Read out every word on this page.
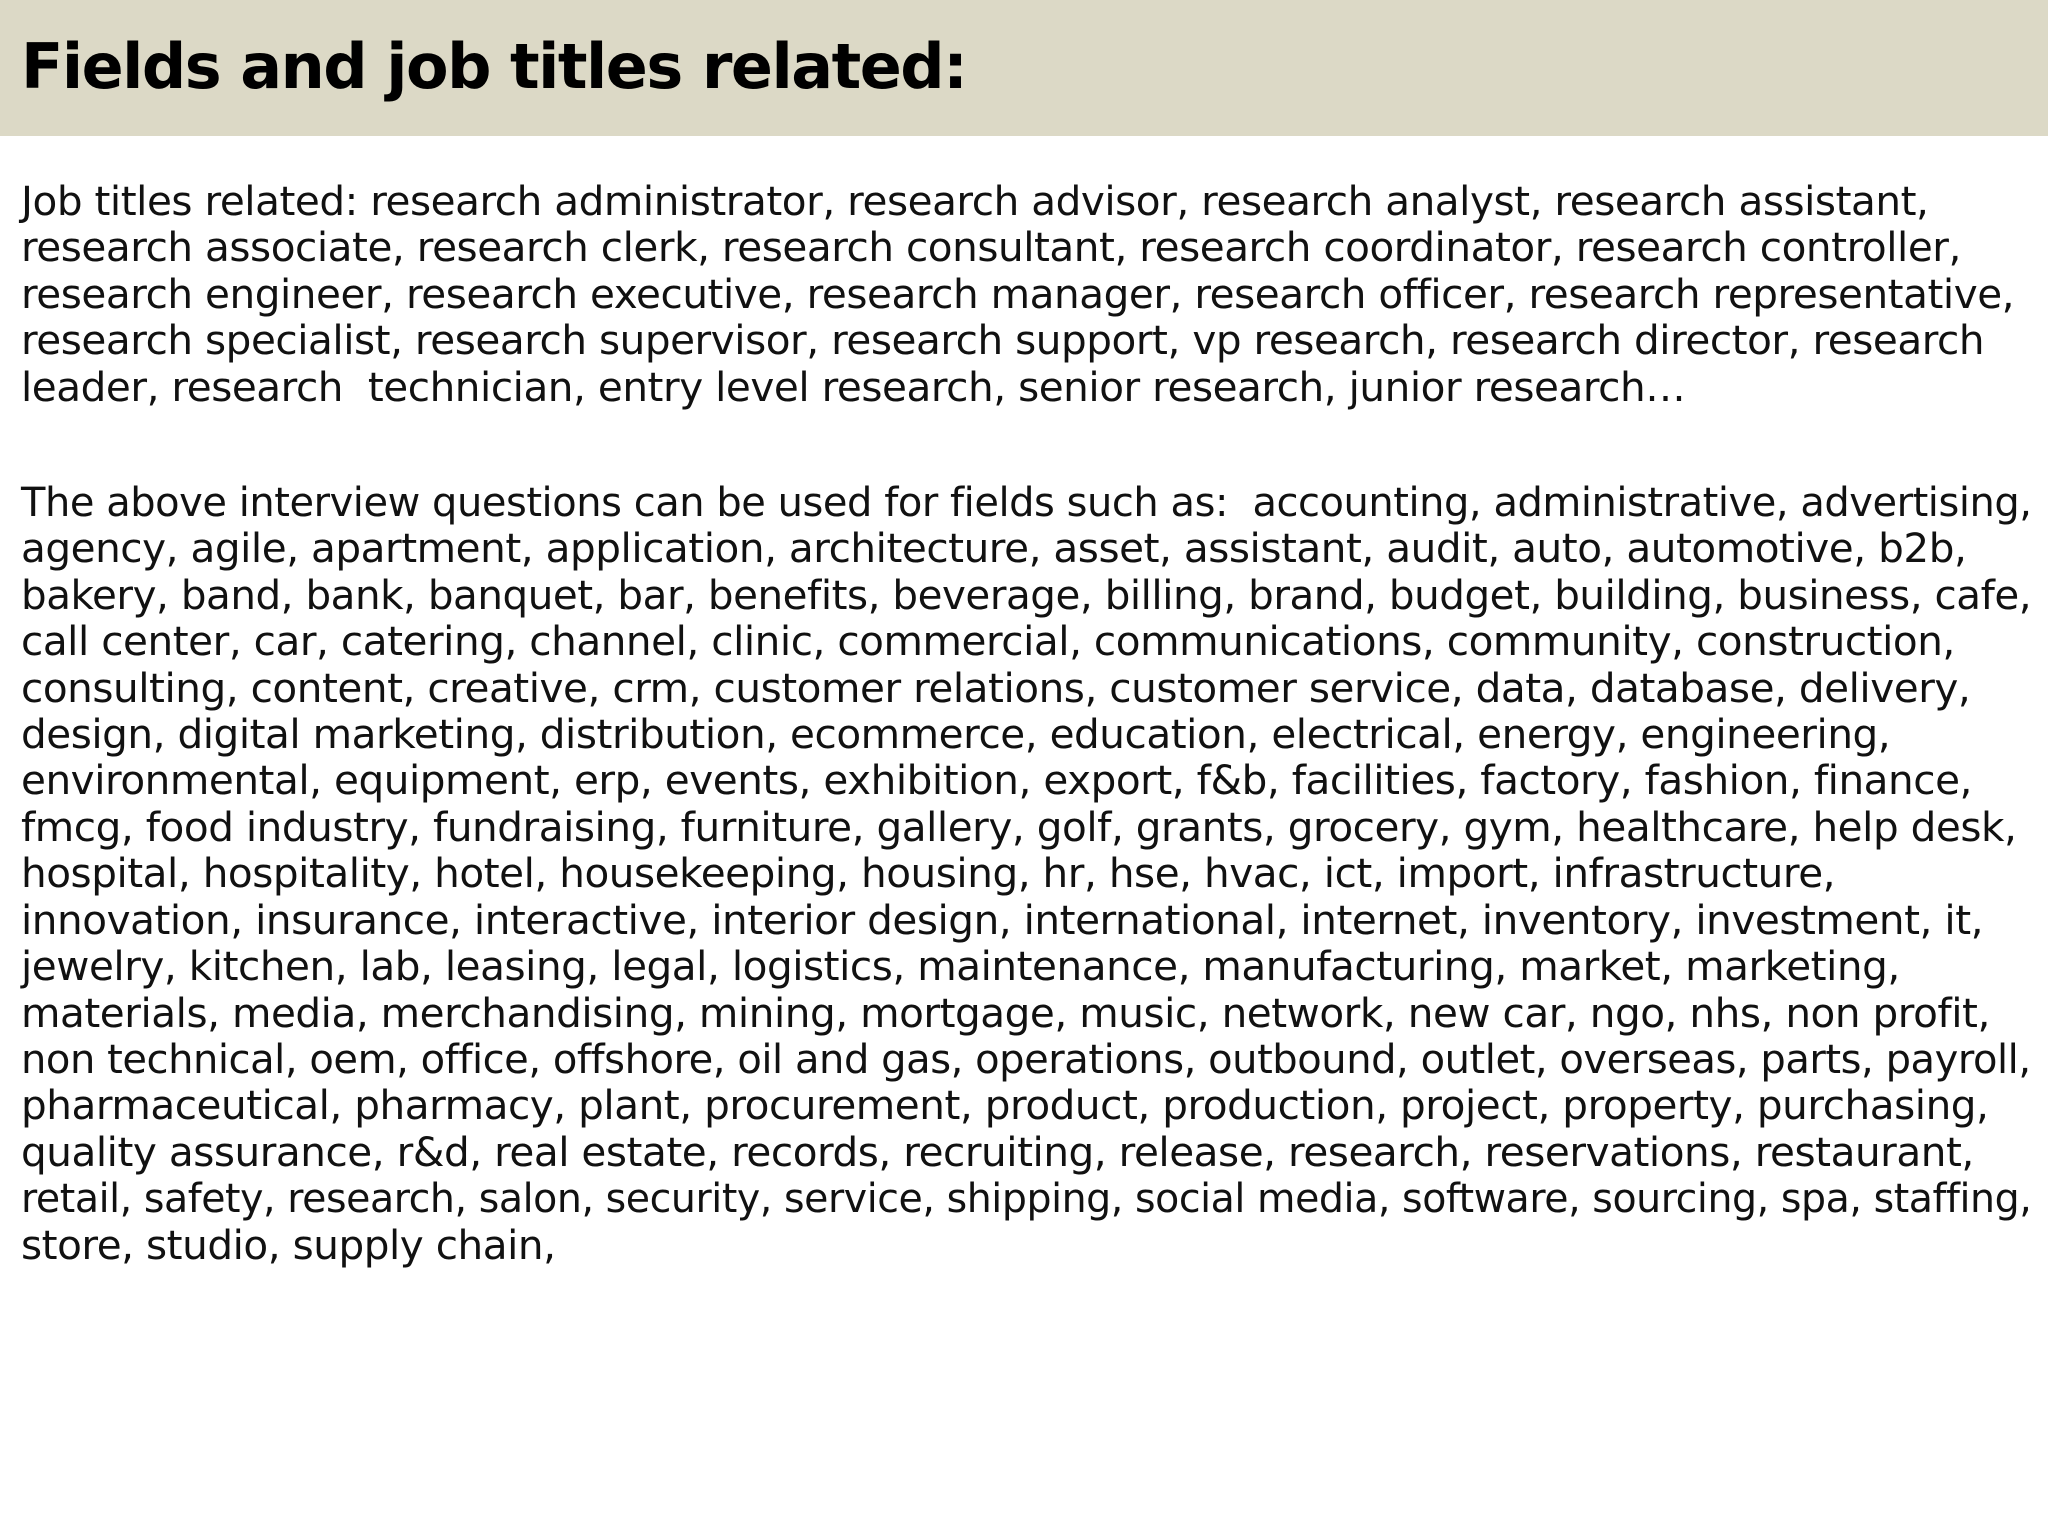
Fields and job titles related:

Job titles related: research administrator, research advisor, research analyst, research assistant,
research associate, research clerk, research consultant, research coordinator, research controller,
research engineer, research executive, research manager, research officer, research representative,
research specialist, research supervisor, research support, vp research, research director, research
leader, research  technician, entry level research, senior research, junior research…

The above interview questions can be used for fields such as:  accounting, administrative, advertising,
agency, agile, apartment, application, architecture, asset, assistant, audit, auto, automotive, b2b,
bakery, band, bank, banquet, bar, benefits, beverage, billing, brand, budget, building, business, cafe,
call center, car, catering, channel, clinic, commercial, communications, community, construction,
consulting, content, creative, crm, customer relations, customer service, data, database, delivery,
design, digital marketing, distribution, ecommerce, education, electrical, energy, engineering,
environmental, equipment, erp, events, exhibition, export, f&b, facilities, factory, fashion, finance,
fmcg, food industry, fundraising, furniture, gallery, golf, grants, grocery, gym, healthcare, help desk,
hospital, hospitality, hotel, housekeeping, housing, hr, hse, hvac, ict, import, infrastructure,
innovation, insurance, interactive, interior design, international, internet, inventory, investment, it,
jewelry, kitchen, lab, leasing, legal, logistics, maintenance, manufacturing, market, marketing,
materials, media, merchandising, mining, mortgage, music, network, new car, ngo, nhs, non profit,
non technical, oem, office, offshore, oil and gas, operations, outbound, outlet, overseas, parts, payroll,
pharmaceutical, pharmacy, plant, procurement, product, production, project, property, purchasing,
quality assurance, r&d, real estate, records, recruiting, release, research, reservations, restaurant,
retail, safety, research, salon, security, service, shipping, social media, software, sourcing, spa, staffing,
store, studio, supply chain,
